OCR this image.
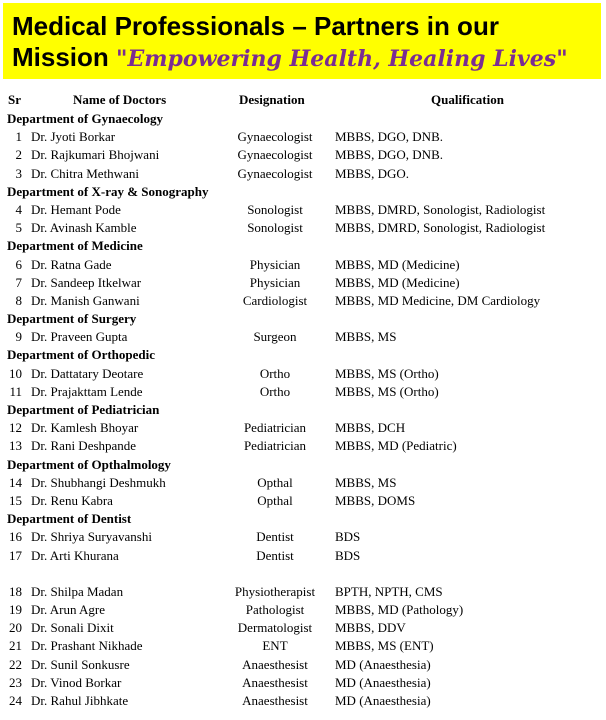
Medical Professionals – Partners in our
Mission "Empowering Health, Healing Lives"
Sr	Name of Doctors	Designation	Qualification
Department of Gynaecology
1 Dr. Jyoti Borkar	Gynaecologist	MBBS, DGO, DNB.
2 Dr. Rajkumari Bhojwani	Gynaecologist	MBBS, DGO, DNB.
3 Dr. Chitra Methwani	Gynaecologist	MBBS, DGO.
Department of X-ray & Sonography
4 Dr. Hemant Pode	Sonologist	MBBS, DMRD, Sonologist, Radiologist
5 Dr. Avinash Kamble	Sonologist	MBBS, DMRD, Sonologist, Radiologist
Department of Medicine
6 Dr. Ratna Gade	Physician	MBBS, MD (Medicine)
7 Dr. Sandeep Itkelwar	Physician	MBBS, MD (Medicine)
8 Dr. Manish Ganwani	Cardiologist	MBBS, MD Medicine, DM Cardiology
Department of Surgery
9 Dr. Praveen Gupta	Surgeon	MBBS, MS
Department of Orthopedic
10 Dr. Dattatary Deotare	Ortho	MBBS, MS (Ortho)
11 Dr. Prajakttam Lende	Ortho	MBBS, MS (Ortho)
Department of Pediatrician
12 Dr. Kamlesh Bhoyar	Pediatrician	MBBS, DCH
13 Dr. Rani Deshpande	Pediatrician	MBBS, MD (Pediatric)
Department of Opthalmology
14 Dr. Shubhangi Deshmukh	Opthal	MBBS, MS
15 Dr. Renu Kabra	Opthal	MBBS, DOMS
Department of Dentist
16 Dr. Shriya Suryavanshi	Dentist	BDS
17 Dr. Arti Khurana	Dentist	BDS
18 Dr. Shilpa Madan	Physiotherapist	BPTH, NPTH, CMS
19 Dr. Arun Agre	Pathologist	MBBS, MD (Pathology)
20 Dr. Sonali Dixit	Dermatologist	MBBS, DDV
21 Dr. Prashant Nikhade	ENT	MBBS, MS (ENT)
22 Dr. Sunil Sonkusre	Anaesthesist	MD (Anaesthesia)
23 Dr. Vinod Borkar	Anaesthesist	MD (Anaesthesia)
24 Dr. Rahul Jibhkate	Anaesthesist	MD (Anaesthesia)
